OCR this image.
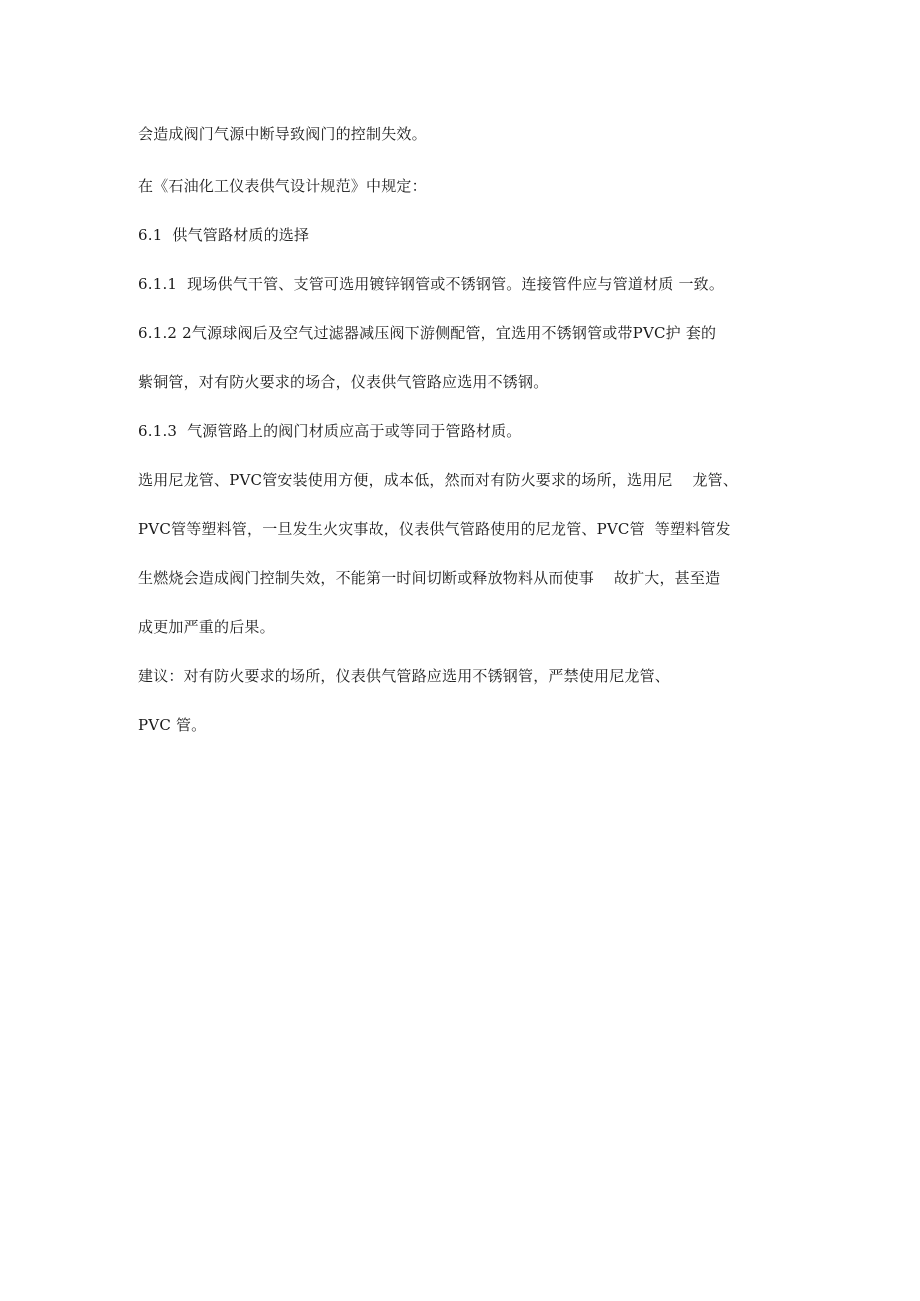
会造成阀门气源中断导致阀门的控制失效。
在《石油化工仪表供气设计规范》中规定：
6.1  供气管路材质的选择
6.1.1  现场供气干管、支管可选用镀锌钢管或不锈钢管。连接管件应与管道材质 一致。
6.1.2 2气源球阀后及空气过滤器减压阀下游侧配管，宜选用不锈钢管或带PVC护 套的
紫铜管，对有防火要求的场合，仪表供气管路应选用不锈钢。
6.1.3  气源管路上的阀门材质应高于或等同于管路材质。
选用尼龙管、PVC管安装使用方便，成本低，然而对有防火要求的场所，选用尼    龙管、
PVC管等塑料管，一旦发生火灾事故，仪表供气管路使用的尼龙管、PVC管  等塑料管发
生燃烧会造成阀门控制失效，不能第一时间切断或释放物料从而使事    故扩大，甚至造
成更加严重的后果。
建议：对有防火要求的场所，仪表供气管路应选用不锈钢管，严禁使用尼龙管、
PVC 管。
